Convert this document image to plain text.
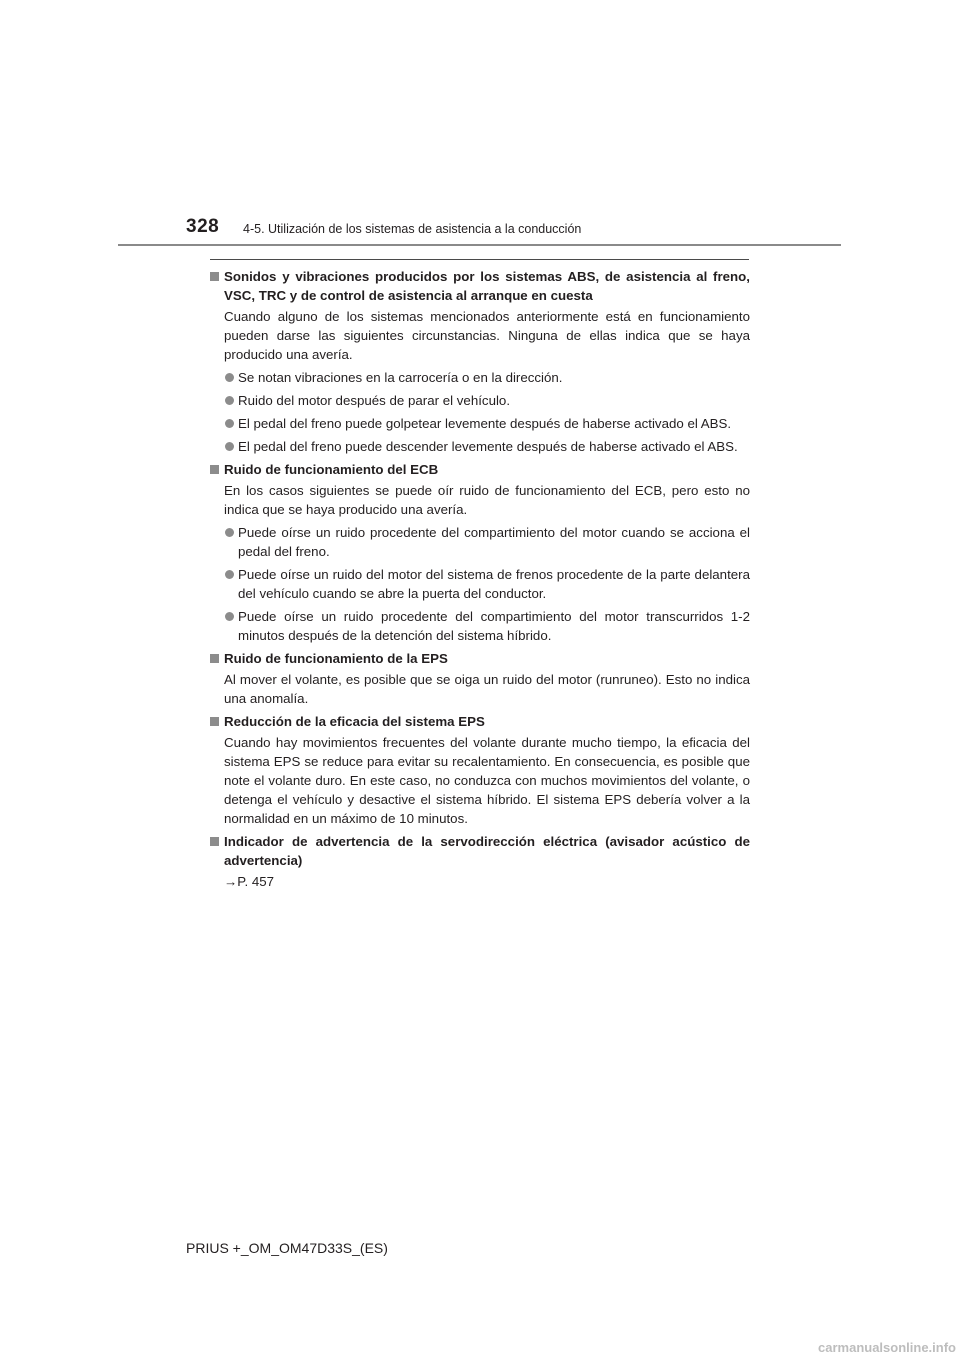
328 4-5. Utilización de los sistemas de asistencia a la conducción
Sonidos y vibraciones producidos por los sistemas ABS, de asistencia al freno, VSC, TRC y de control de asistencia al arranque en cuesta
Cuando alguno de los sistemas mencionados anteriormente está en funcionamiento pueden darse las siguientes circunstancias. Ninguna de ellas indica que se haya producido una avería.
Se notan vibraciones en la carrocería o en la dirección.
Ruido del motor después de parar el vehículo.
El pedal del freno puede golpetear levemente después de haberse activado el ABS.
El pedal del freno puede descender levemente después de haberse activado el ABS.
Ruido de funcionamiento del ECB
En los casos siguientes se puede oír ruido de funcionamiento del ECB, pero esto no indica que se haya producido una avería.
Puede oírse un ruido procedente del compartimiento del motor cuando se acciona el pedal del freno.
Puede oírse un ruido del motor del sistema de frenos procedente de la parte delantera del vehículo cuando se abre la puerta del conductor.
Puede oírse un ruido procedente del compartimiento del motor transcurridos 1-2 minutos después de la detención del sistema híbrido.
Ruido de funcionamiento de la EPS
Al mover el volante, es posible que se oiga un ruido del motor (runruneo). Esto no indica una anomalía.
Reducción de la eficacia del sistema EPS
Cuando hay movimientos frecuentes del volante durante mucho tiempo, la eficacia del sistema EPS se reduce para evitar su recalentamiento. En consecuencia, es posible que note el volante duro. En este caso, no conduzca con muchos movimientos del volante, o detenga el vehículo y desactive el sistema híbrido. El sistema EPS debería volver a la normalidad en un máximo de 10 minutos.
Indicador de advertencia de la servodirección eléctrica (avisador acústico de advertencia)
→P. 457
PRIUS +_OM_OM47D33S_(ES)
carmanualsonline.info
